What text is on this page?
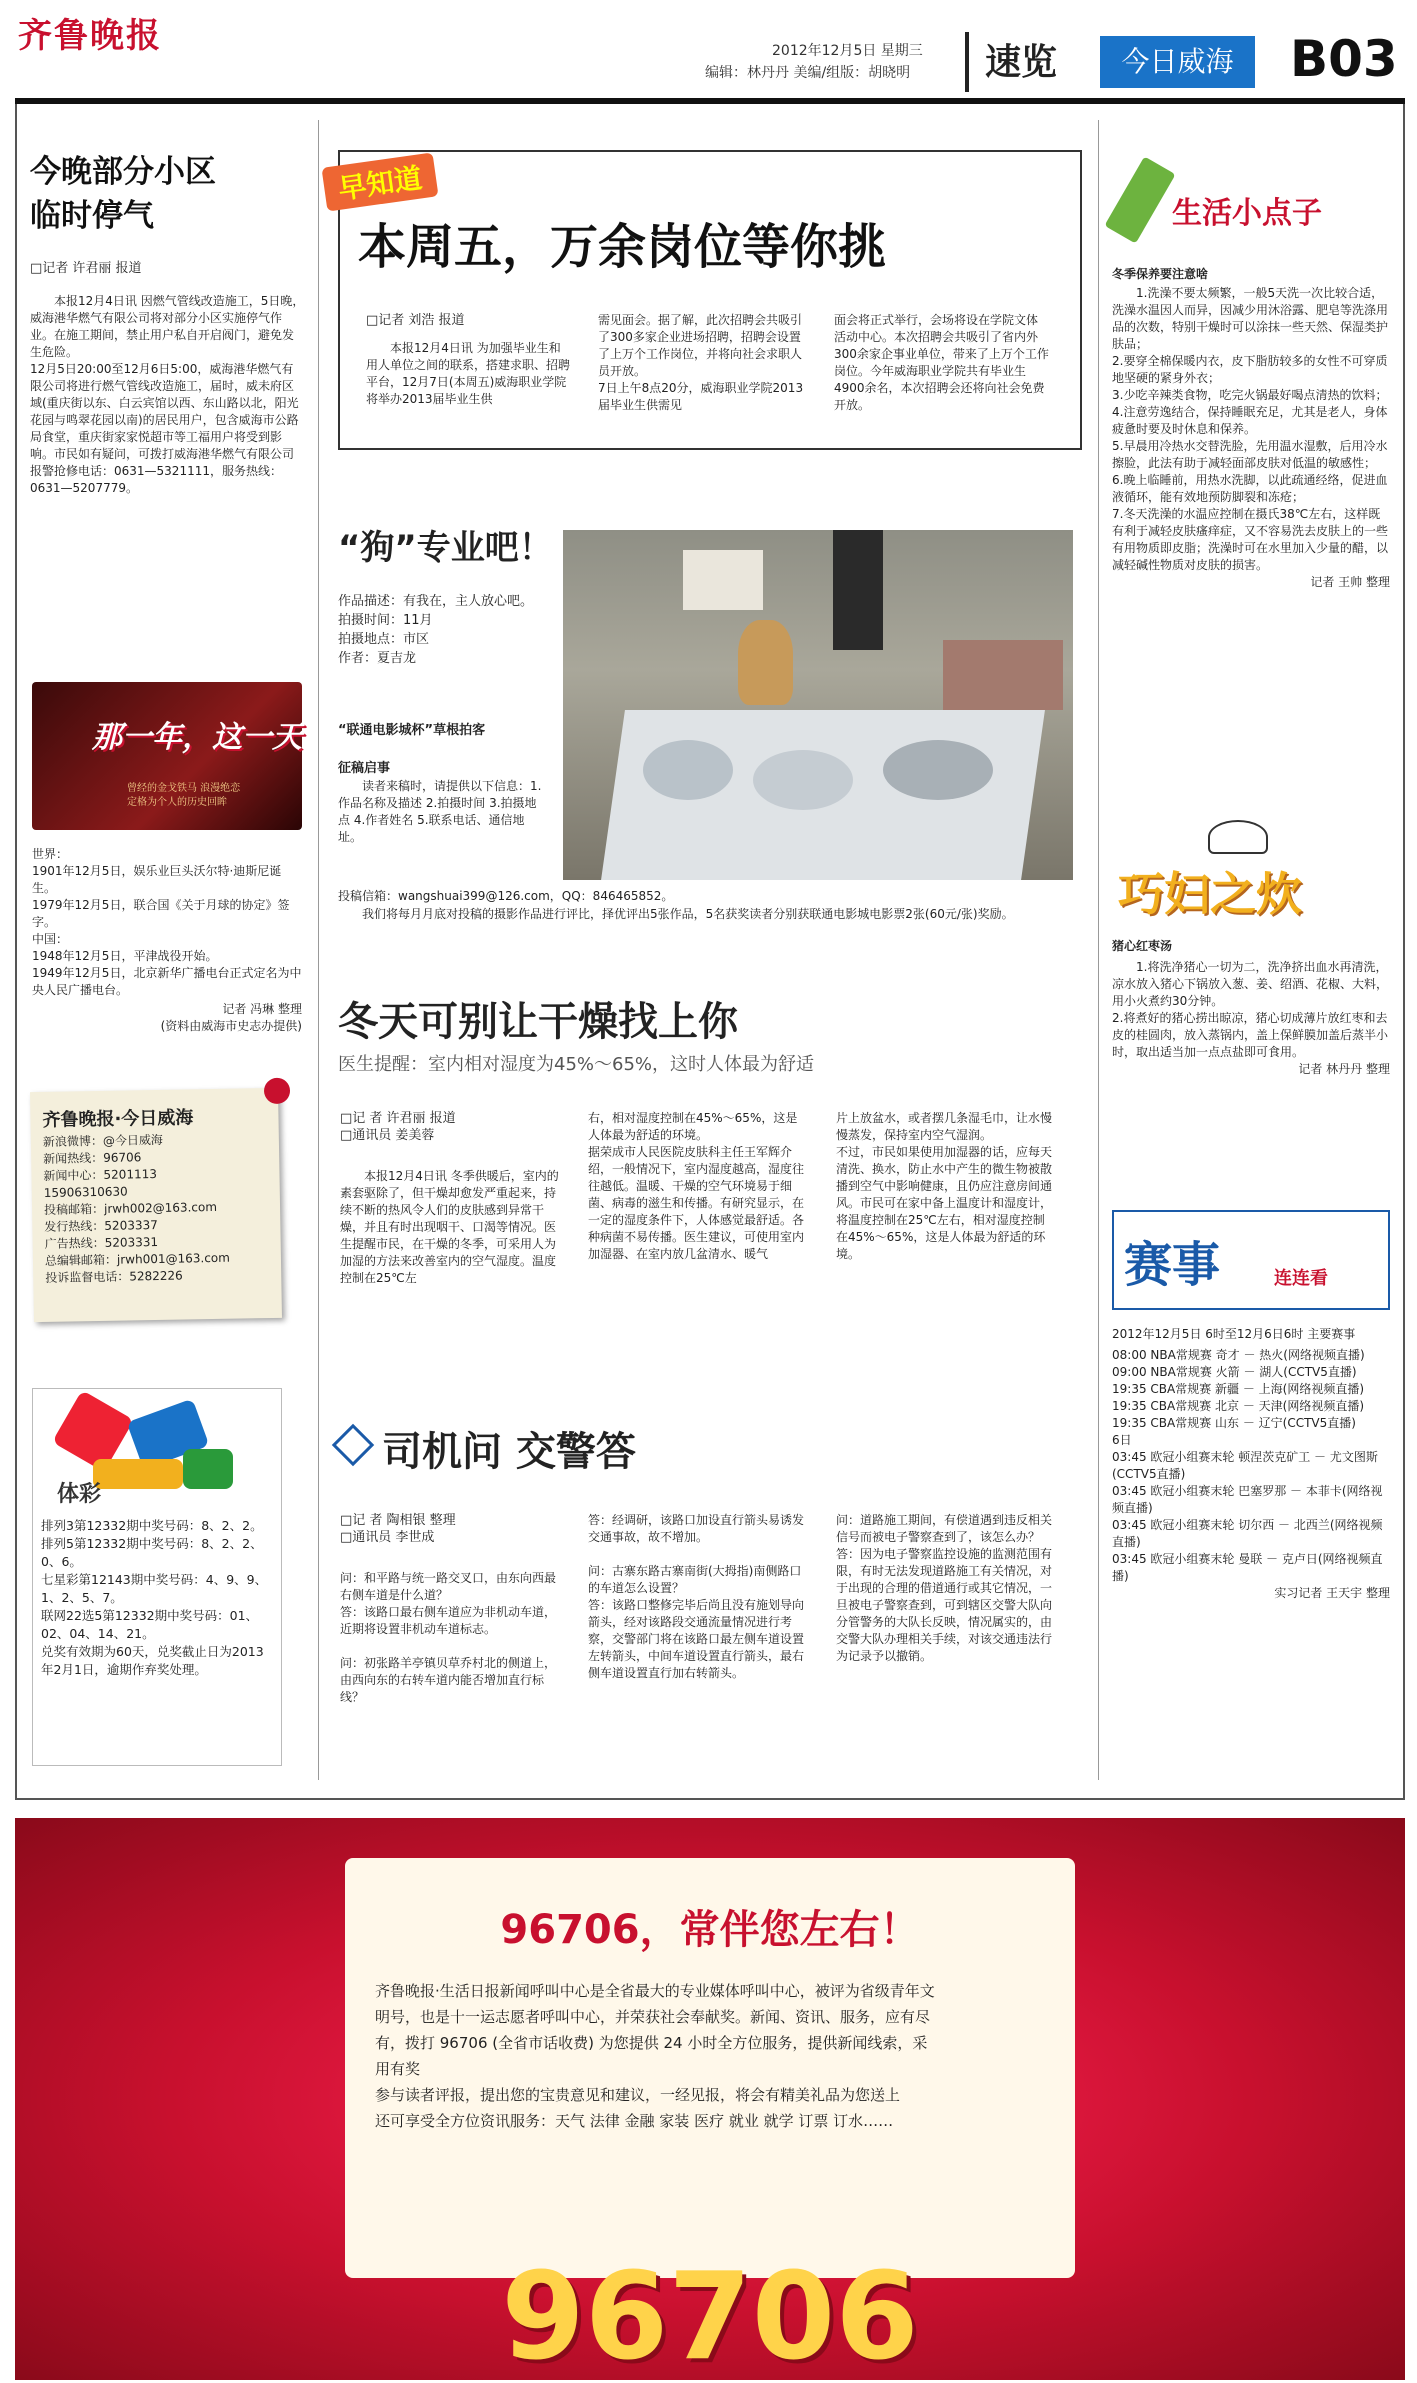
齐鲁晚报	2012年12月5日 星期三
编辑：林丹丹 美编/组版：胡晓明 速览	今日威海	B03
今晚部分小区
临时停气
□记者 许君丽 报道
本报12月4日讯 因燃气管线改造施工，5日晚，威海港华燃气有限公司将对部分小区实施停气作业。在施工期间，禁止用户私自开启阀门，避免发生危险。
12月5日20:00至12月6日5:00，威海港华燃气有限公司将进行燃气管线改造施工，届时，威未府区域(重庆街以东、白云宾馆以西、东山路以北，阳光花园与鸣翠花园以南)的居民用户，包含威海市公路局食堂，重庆街家家悦超市等工福用户将受到影响。市民如有疑问，可拨打威海港华燃气有限公司报警抢修电话：0631—5321111，服务热线：0631—5207779。
那一年，这一天
曾经的金戈铁马 浪漫绝恋
定格为个人的历史回眸
世界：
1901年12月5日，娱乐业巨头沃尔特·迪斯尼诞生。
1979年12月5日，联合国《关于月球的协定》签字。
中国：
1948年12月5日，平津战役开始。
1949年12月5日，北京新华广播电台正式定名为中央人民广播电台。
记者 冯琳 整理
(资料由威海市史志办提供)
齐鲁晚报·今日威海
新浪微博：@今日威海
新闻热线：96706
新闻中心：5201113
15906310630
投稿邮箱：jrwh002@163.com
发行热线：5203337
广告热线：5203331
总编辑邮箱：jrwh001@163.com
投诉监督电话：5282226
体彩
排列3第12332期中奖号码：8、2、2。
排列5第12332期中奖号码：8、2、2、0、6。
七星彩第12143期中奖号码：4、9、9、1、2、5、7。
联网22选5第12332期中奖号码：01、02、04、14、21。
兑奖有效期为60天，兑奖截止日为2013年2月1日，逾期作弃奖处理。
早知道
本周五，万余岗位等你挑
□记者 刘浩 报道
本报12月4日讯 为加强毕业生和用人单位之间的联系，搭建求职、招聘平台，12月7日(本周五)威海职业学院将举办2013届毕业生供
需见面会。据了解，此次招聘会共吸引了300多家企业进场招聘，招聘会设置了上万个工作岗位，并将向社会求职人员开放。
7日上午8点20分，威海职业学院2013届毕业生供需见
面会将正式举行，会场将设在学院文体活动中心。本次招聘会共吸引了省内外300余家企事业单位，带来了上万个工作岗位。今年威海职业学院共有毕业生4900余名，本次招聘会还将向社会免费开放。
“狗”专业吧！
作品描述：有我在，主人放心吧。
拍摄时间：11月
拍摄地点：市区
作者：夏吉龙
“联通电影城杯”草根拍客
征稿启事
读者来稿时，请提供以下信息：1.作品名称及描述 2.拍摄时间 3.拍摄地点 4.作者姓名 5.联系电话、通信地址。
投稿信箱：wangshuai399@126.com，QQ：846465852。
我们将每月月底对投稿的摄影作品进行评比，择优评出5张作品，5名获奖读者分别获联通电影城电影票2张(60元/张)奖励。
冬天可别让干燥找上你
医生提醒：室内相对湿度为45%～65%，这时人体最为舒适
□记 者 许君丽 报道
□通讯员 姜美蓉
本报12月4日讯 冬季供暖后，室内的素套驱除了，但干燥却愈发严重起来，持续不断的热风令人们的皮肤感到异常干燥，并且有时出现咽干、口渴等情况。医生提醒市民，在干燥的冬季，可采用人为加湿的方法来改善室内的空气湿度。温度控制在25℃左
右，相对湿度控制在45%～65%，这是人体最为舒适的环境。
据荣成市人民医院皮肤科主任王军辉介绍，一般情况下，室内湿度越高，湿度往往越低。温暖、干燥的空气环境易于细菌、病毒的滋生和传播。有研究显示，在一定的湿度条件下，人体感觉最舒适。各种病菌不易传播。医生建议，可使用室内加湿器、在室内放几盆清水、暖气
片上放盆水，或者摆几条湿毛巾，让水慢慢蒸发，保持室内空气湿润。
不过，市民如果使用加湿器的话，应每天清洗、换水，防止水中产生的微生物被散播到空气中影响健康，且仍应注意房间通风。市民可在家中备上温度计和湿度计，将温度控制在25℃左右，相对湿度控制在45%～65%，这是人体最为舒适的环境。
司机问 交警答
□记 者 陶相银 整理
□通讯员 李世成
问：和平路与统一路交叉口，由东向西最右侧车道是什么道？
答：该路口最右侧车道应为非机动车道，近期将设置非机动车道标志。

问：初张路羊亭镇贝草乔村北的侧道上，由西向东的右转车道内能否增加直行标线？
答：经调研，该路口加设直行箭头易诱发交通事故，故不增加。

问：古寨东路古寨南街(大拇指)南侧路口的车道怎么设置？
答：该路口整修完毕后尚且没有施划导向箭头，经对该路段交通流量情况进行考察，交警部门将在该路口最左侧车道设置左转箭头，中间车道设置直行箭头，最右侧车道设置直行加右转箭头。
问：道路施工期间，有偿道遇到违反相关信号而被电子警察查到了，该怎么办？
答：因为电子警察监控设施的监测范围有限，有时无法发现道路施工有关情况，对于出现的合理的借道通行或其它情况，一旦被电子警察查到，可到辖区交警大队向分管警务的大队长反映，情况属实的，由交警大队办理相关手续，对该交通违法行为记录予以撤销。
生活小点子
冬季保养要注意啥
1.洗澡不要太频繁，一般5天洗一次比较合适，洗澡水温因人而异，因减少用沐浴露、肥皂等洗涤用品的次数，特别干燥时可以涂抹一些天然、保湿类护肤品；
2.要穿全棉保暖内衣，皮下脂肪较多的女性不可穿质地坚硬的紧身外衣；
3.少吃辛辣类食物，吃完火锅最好喝点清热的饮料；
4.注意劳逸结合，保持睡眠充足，尤其是老人，身体疲惫时要及时休息和保养。
5.早晨用冷热水交替洗脸，先用温水湿敷，后用冷水擦脸，此法有助于减轻面部皮肤对低温的敏感性；
6.晚上临睡前，用热水洗脚，以此疏通经络，促进血液循环，能有效地预防脚裂和冻疮；
7.冬天洗澡的水温应控制在摄氏38℃左右，这样既有利于减轻皮肤瘙痒症，又不容易洗去皮肤上的一些有用物质即皮脂；洗澡时可在水里加入少量的醋，以减轻碱性物质对皮肤的损害。
记者 王帅 整理
巧妇之炊
猪心红枣汤
1.将洗净猪心一切为二，洗净挤出血水再清洗，凉水放入猪心下锅放入葱、姜、绍酒、花椒、大料，用小火煮约30分钟。
2.将煮好的猪心捞出晾凉，猪心切成薄片放红枣和去皮的桂圆肉，放入蒸锅内，盖上保鲜膜加盖后蒸半小时，取出适当加一点点盐即可食用。
记者 林丹丹 整理
赛事	连连看
2012年12月5日 6时至12月6日6时 主要赛事
08:00 NBA常规赛 奇才 － 热火(网络视频直播)
09:00 NBA常规赛 火箭 － 湖人(CCTV5直播)
19:35 CBA常规赛 新疆 － 上海(网络视频直播)
19:35 CBA常规赛 北京 － 天津(网络视频直播)
19:35 CBA常规赛 山东 － 辽宁(CCTV5直播)
6日
03:45 欧冠小组赛末轮 顿涅茨克矿工 － 尤文图斯 (CCTV5直播)
03:45 欧冠小组赛末轮 巴塞罗那 － 本菲卡(网络视频直播)
03:45 欧冠小组赛末轮 切尔西 － 北西兰(网络视频直播)
03:45 欧冠小组赛末轮 曼联 － 克卢日(网络视频直播)
实习记者 王天宇 整理
96706，常伴您左右！
齐鲁晚报·生活日报新闻呼叫中心是全省最大的专业媒体呼叫中心，被评为省级青年文明号，也是十一运志愿者呼叫中心，并荣获社会奉献奖。新闻、资讯、服务，应有尽有，拨打 96706 (全省市话收费) 为您提供 24 小时全方位服务，提供新闻线索，采用有奖
参与读者评报，提出您的宝贵意见和建议，一经见报，将会有精美礼品为您送上
还可享受全方位资讯服务：天气 法律 金融 家装 医疗 就业 就学 订票 订水……
96706
